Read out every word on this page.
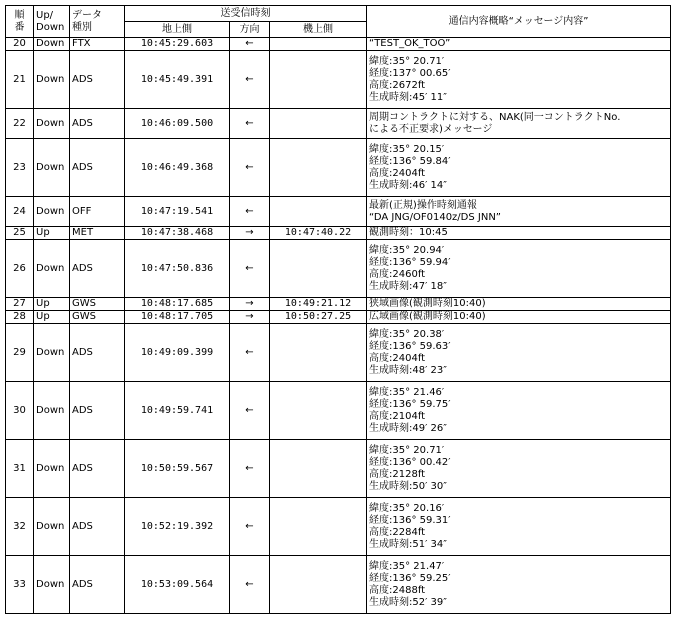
順
番	Up/
Down	データ
種別	送受信時刻			通信内容概略“メッセージ内容”
			地上側	方向	機上側	
20	Down	FTX	10:45:29.603	←		“TEST_OK_TOO”

21	Down	ADS	10:45:49.391	←		緯度:35° 20.71′
経度:137° 00.65′
高度:2672ft
生成時刻:45′ 11″

22	Down	ADS	10:46:09.500	←		周期コントラクトに対する、NAK(同一コントラクトNo.
による不正要求)メッセージ

23	Down	ADS	10:46:49.368	←		緯度:35° 20.15′
経度:136° 59.84′
高度:2404ft
生成時刻:46′ 14″

24	Down	OFF	10:47:19.541	←		最新(正規)操作時刻通報
“DA JNG/OF0140z/DS JNN”

25	Up	MET	10:47:38.468	→	10:47:40.22	観測時刻：10:45

26	Down	ADS	10:47:50.836	←		緯度:35° 20.94′
経度:136° 59.94′
高度:2460ft
生成時刻:47′ 18″

27	Up	GWS	10:48:17.685	→	10:49:21.12	狭域画像(観測時刻10:40)

28	Up	GWS	10:48:17.705	→	10:50:27.25	広域画像(観測時刻10:40)

29	Down	ADS	10:49:09.399	←		緯度:35° 20.38′
経度:136° 59.63′
高度:2404ft
生成時刻:48′ 23″

30	Down	ADS	10:49:59.741	←		緯度:35° 21.46′
経度:136° 59.75′
高度:2104ft
生成時刻:49′ 26″

31	Down	ADS	10:50:59.567	←		緯度:35° 20.71′
経度:136° 00.42′
高度:2128ft
生成時刻:50′ 30″

32	Down	ADS	10:52:19.392	←		緯度:35° 20.16′
経度:136° 59.31′
高度:2284ft
生成時刻:51′ 34″

33	Down	ADS	10:53:09.564	←		緯度:35° 21.47′
経度:136° 59.25′
高度:2488ft
生成時刻:52′ 39″
